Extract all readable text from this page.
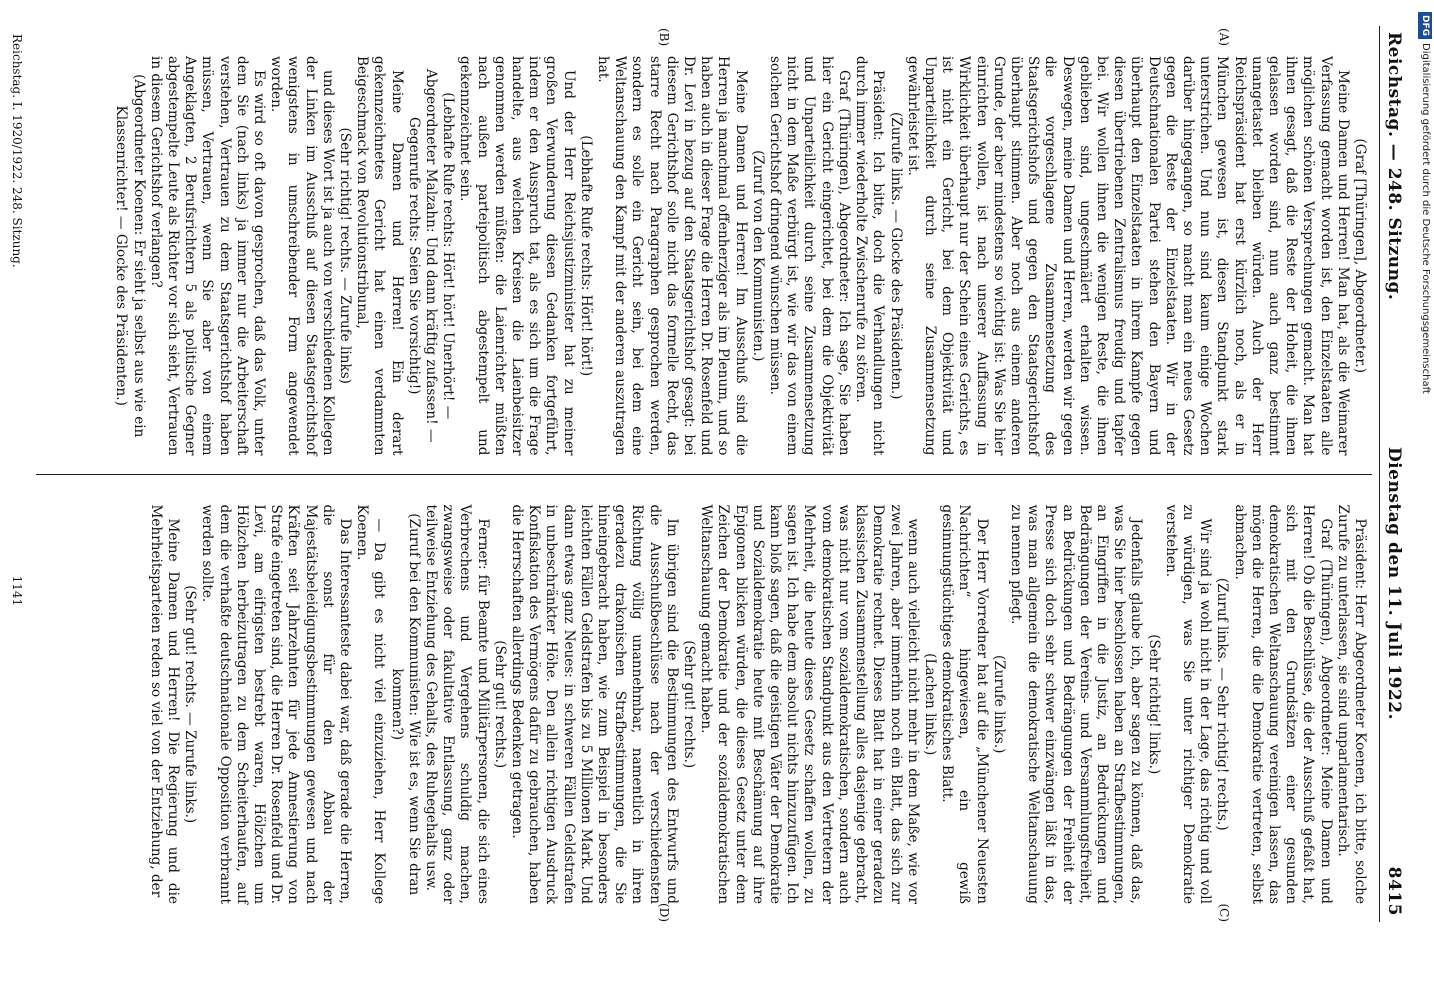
Reichstag. — 248. Sitzung.
Dienstag den 11. Juli 1922.
8415
(A)
(B)

(Graf [Thüringen], Abgeordneter.)

Meine Damen und Herren! Man hat, als die Weimarer Verfassung gemacht worden ist, den Einzelstaaten alle möglichen schönen Versprechungen gemacht. Man hat ihnen gesagt, daß die Reste der Hoheit, die ihnen gelassen worden sind, nun auch ganz bestimmt unangetastet bleiben würden. Auch der Herr Reichspräsident hat erst kürzlich noch, als er in München gewesen ist, diesen Standpunkt stark unterstrichen. Und nun sind kaum einige Wochen darüber hingegangen, so macht man ein neues Gesetz gegen die Reste der Einzelstaaten. Wir in der Deutschnationalen Partei stehen den Bayern und überhaupt den Einzelstaaten in ihrem Kampfe gegen diesen übertriebenen Zentralismus freudig und tapfer bei. Wir wollen ihnen die wenigen Reste, die ihnen geblieben sind, ungeschmälert erhalten wissen. Deswegen, meine Damen und Herren, werden wir gegen die vorgeschlagene Zusammensetzung des Staatsgerichtshofs und gegen den Staatsgerichtshof überhaupt stimmen. Aber noch aus einem anderen Grunde, der aber mindestens so wichtig ist: Was Sie hier einrichten wollen, ist nach unserer Auffassung in Wirklichkeit überhaupt nur der Schein eines Gerichts, es ist nicht ein Gericht, bei dem Objektivität und Unparteilichkeit durch seine Zusammensetzung gewährleistet ist.

(Zurufe links. — Glocke des Präsidenten.)

Präsident: Ich bitte, doch die Verhandlungen nicht durch immer wiederholte Zwischenrufe zu stören.

Graf (Thüringen), Abgeordneter: Ich sage, Sie haben hier ein Gericht eingerichtet, bei dem die Objektivität und Unparteilichkeit durch seine Zusammensetzung nicht in dem Maße verbürgt ist, wie wir das von einem solchen Gerichtshof dringend wünschen müssen.

(Zuruf von den Kommunisten.)

Meine Damen und Herren! Im Ausschuß sind die Herren ja manchmal offenherziger als im Plenum, und so haben auch in dieser Frage die Herren Dr. Rosenfeld und Dr. Levi in bezug auf den Staatsgerichtshof gesagt: bei diesem Gerichtshof solle nicht das formelle Recht, das starre Recht nach Paragraphen gesprochen werden, sondern es solle ein Gericht sein, bei dem eine Weltanschauung den Kampf mit der anderen auszutragen hat.

(Lebhafte Rufe rechts: Hört! hört!)

Und der Herr Reichsjustizminister hat zu meiner großen Verwunderung diesen Gedanken fortgeführt, indem er den Ausspruch tat, als es sich um die Frage handelte, aus welchen Kreisen die Laienbeisitzer genommen werden müßten: die Laienrichter müßten nach außen parteipolitisch abgestempelt und gekennzeichnet sein.

(Lebhafte Rufe rechts: Hört! hört! Unerhört! — Abgeordneter Malzahn: Und dann kräftig zufassen! — Gegenrufe rechts: Seien Sie vorsichtig!)

Meine Damen und Herren! Ein derart gekennzeichnetes Gericht hat einen verdammten Beigeschmack von Revolutionstribunal,

(Sehr richtig! rechts. — Zurufe links)

und dieses Wort ist ja auch von verschiedenen Kollegen der Linken im Ausschuß auf diesen Staatsgerichtshof wenigstens in umschreibender Form angewendet worden.

Es wird so oft davon gesprochen, daß das Volk, unter dem Sie (nach links) ja immer nur die Arbeiterschaft verstehen, Vertrauen zu dem Staatsgerichtshof haben müssen, Vertrauen, wenn Sie aber von einem Angeklagten, 2 Berufsrichtern 5 als politische Gegner abgestempelte Leute als Richter vor sich sieht, Vertrauen in diesem Gerichtshof verlangen?

(Abgeordneter Koenen: Er sieht ja selbst aus wie ein Klassenrichter! — Glocke des Präsidenten.)

(C)
(D)

Präsident: Herr Abgeordneter Koenen, ich bitte, solche Zurufe zu unterlassen, sie sind unparlamentarisch.

Graf (Thüringen), Abgeordneter: Meine Damen und Herren! Ob die Beschlüsse, die der Ausschuß gefaßt hat, sich mit den Grundsätzen einer gesunden demokratischen Weltanschauung vereinigen lassen, das mögen die Herren, die die Demokratie vertreten, selbst abmachen.

(Zuruf links. — Sehr richtig! rechts.)

Wir sind ja wohl nicht in der Lage, das richtig und voll zu würdigen, was Sie unter richtiger Demokratie verstehen.

(Sehr richtig! links.)

Jedenfalls glaube ich, aber sagen zu können, daß das, was Sie hier beschlossen haben an Strafbestimmungen, an Eingriffen in die Justiz, an Bedrückungen und Bedrängungen der Vereins- und Versammlungsfreiheit, an Bedrückungen und Bedrängungen der Freiheit der Presse sich doch sehr schwer einzwängen läßt in das, was man allgemein die demokratische Weltanschauung zu nennen pflegt.

(Zurufe links.)

Der Herr Vorredner hat auf die „Münchener Neuesten Nachrichten“ hingewiesen, ein gewiß gesinnungstüchtiges demokratisches Blatt.

(Lachen links.)

wenn auch vielleicht nicht mehr in dem Maße, wie vor zwei Jahren, aber immerhin noch ein Blatt, das sich zur Demokratie rechnet. Dieses Blatt hat in einer geradezu klassischen Zusammenstellung alles dasjenige gebracht, was nicht nur vom sozialdemokratischen, sondern auch vom demokratischen Standpunkt aus den Vertretern der Mehrheit, die heute dieses Gesetz schaffen wollen, zu sagen ist. Ich habe dem absolut nichts hinzuzufügen. Ich kann bloß sagen, daß die geistigen Väter der Demokratie und Sozialdemokratie heute mit Beschämung auf ihre Epigonen blicken würden, die dieses Gesetz unter dem Zeichen der Demokratie und der sozialdemokratischen Weltanschauung gemacht haben.

(Sehr gut! rechts.)

Im übrigen sind die Bestimmungen des Entwurfs und die Ausschußbeschlüsse nach der verschiedensten Richtung völlig unannehmbar, namentlich in ihren geradezu drakonischen Strafbestimmungen, die Sie hineingebracht haben, wie zum Beispiel in besonders leichten Fällen Geldstrafen bis zu 5 Millionen Mark. Und dann etwas ganz Neues: in schweren Fällen Geldstrafen in unbeschränkter Höhe. Den allein richtigen Ausdruck Konfiskation des Vermögens dafür zu gebrauchen, haben die Herrschaften allerdings Bedenken getragen.

(Sehr gut! rechts.)

Ferner: für Beamte und Militärpersonen, die sich eines Verbrechens und Vergehens schuldig machen, zwangsweise oder fakultative Entlassung, ganz oder teilweise Entziehung des Gehalts, des Ruhegehalts usw.

(Zuruf bei den Kommunisten: Wie ist es, wenn Sie dran kommen?)

— Da gibt es nicht viel einzuziehen, Herr Kollege Koenen.

Das Interessanteste dabei war, daß gerade die Herren, die sonst für den Abbau der Majestätsbeleidigungsbestimmungen gewesen und nach Kräften seit Jahrzehnten für jede Amnestierung von Strafe eingetreten sind, die Herren Dr. Rosenfeld und Dr. Levi, am eifrigsten bestrebt waren, Hölzchen um Hölzchen herbeizutragen zu dem Scheiterhaufen, auf dem die verhaßte deutschnationale Opposition verbrannt werden sollte.

(Sehr gut! rechts. — Zurufe links.)

Meine Damen und Herren! Die Regierung und die Mehrheitsparteien reden so viel von der Entziehung, der

Reichstag. I. 1920/1922. 248. Sitzung.
1141
DFGDigitalisierung gefördert durch die Deutsche Forschungsgemeinschaft
